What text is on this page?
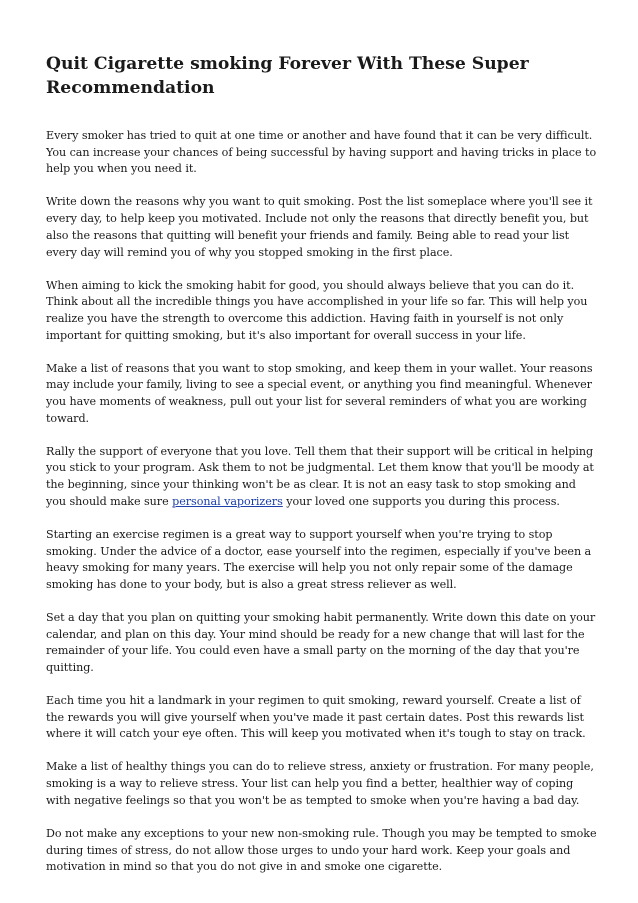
Quit Cigarette smoking Forever With These Super Recommendation

Every smoker has tried to quit at one time or another and have found that it can be very difficult. You can increase your chances of being successful by having support and having tricks in place to help you when you need it.

Write down the reasons why you want to quit smoking. Post the list someplace where you'll see it every day, to help keep you motivated. Include not only the reasons that directly benefit you, but also the reasons that quitting will benefit your friends and family. Being able to read your list every day will remind you of why you stopped smoking in the first place.

When aiming to kick the smoking habit for good, you should always believe that you can do it. Think about all the incredible things you have accomplished in your life so far. This will help you realize you have the strength to overcome this addiction. Having faith in yourself is not only important for quitting smoking, but it's also important for overall success in your life.

Make a list of reasons that you want to stop smoking, and keep them in your wallet. Your reasons may include your family, living to see a special event, or anything you find meaningful. Whenever you have moments of weakness, pull out your list for several reminders of what you are working toward.

Rally the support of everyone that you love. Tell them that their support will be critical in helping you stick to your program. Ask them to not be judgmental. Let them know that you'll be moody at the beginning, since your thinking won't be as clear. It is not an easy task to stop smoking and you should make sure personal vaporizers your loved one supports you during this process.

Starting an exercise regimen is a great way to support yourself when you're trying to stop smoking. Under the advice of a doctor, ease yourself into the regimen, especially if you've been a heavy smoking for many years. The exercise will help you not only repair some of the damage smoking has done to your body, but is also a great stress reliever as well.

Set a day that you plan on quitting your smoking habit permanently. Write down this date on your calendar, and plan on this day. Your mind should be ready for a new change that will last for the remainder of your life. You could even have a small party on the morning of the day that you're quitting.

Each time you hit a landmark in your regimen to quit smoking, reward yourself. Create a list of the rewards you will give yourself when you've made it past certain dates. Post this rewards list where it will catch your eye often. This will keep you motivated when it's tough to stay on track.

Make a list of healthy things you can do to relieve stress, anxiety or frustration. For many people, smoking is a way to relieve stress. Your list can help you find a better, healthier way of coping with negative feelings so that you won't be as tempted to smoke when you're having a bad day.

Do not make any exceptions to your new non-smoking rule. Though you may be tempted to smoke during times of stress, do not allow those urges to undo your hard work. Keep your goals and motivation in mind so that you do not give in and smoke one cigarette.
